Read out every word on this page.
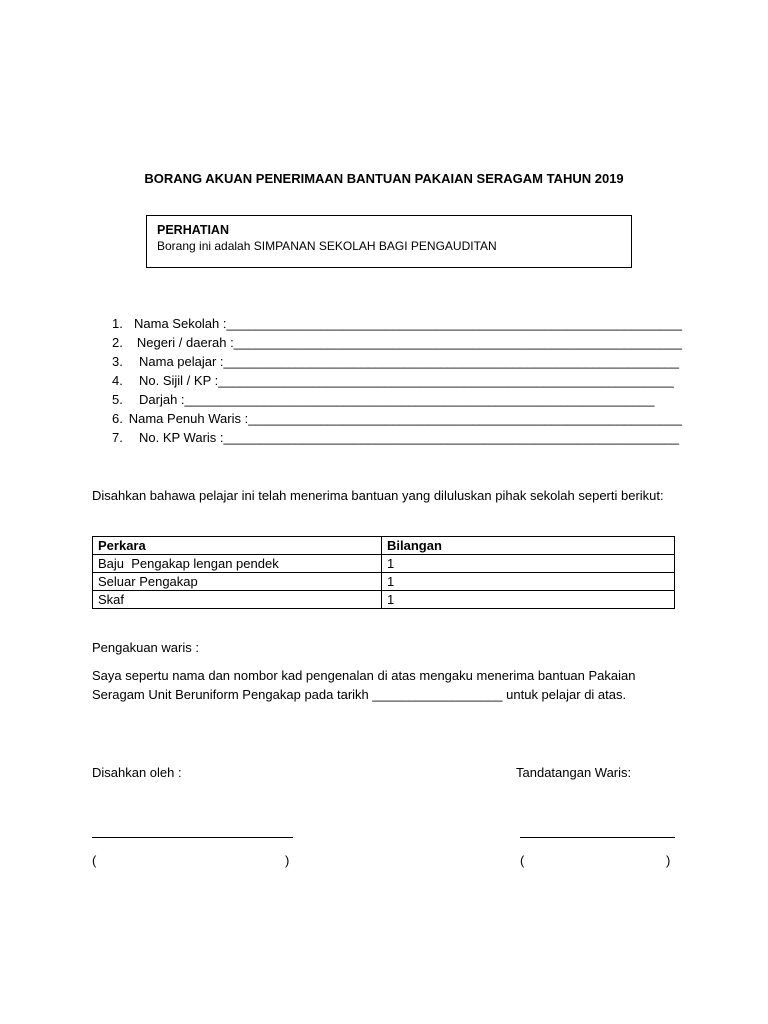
BORANG AKUAN PENERIMAAN BANTUAN PAKAIAN SERAGAM TAHUN 2019
PERHATIAN
Borang ini adalah SIMPANAN SEKOLAH BAGI PENGAUDITAN
1. Nama Sekolah : _______________________________________________________________
2.	Negeri / daerah : ______________________________________________________________
3.	Nama pelajar : _______________________________________________________________
4.	No. Sijil / KP : _______________________________________________________________
5.	Darjah : _________________________________________________________________
6. Nama Penuh Waris : ____________________________________________________________
7.	No. KP Waris : _______________________________________________________________
Disahkan bahawa pelajar ini telah menerima bantuan yang diluluskan pihak sekolah seperti berikut:
Perkara	Bilangan
Baju  Pengakap lengan pendek	1
Seluar Pengakap	1
Skaf	1
Pengakuan waris :
Saya sepertu nama dan nombor kad pengenalan di atas mengaku menerima bantuan Pakaian Seragam Unit Beruniform Pengakap pada tarikh __________________ untuk pelajar di atas.
Disahkan oleh :	Tandatangan Waris:
(	)	(	)
